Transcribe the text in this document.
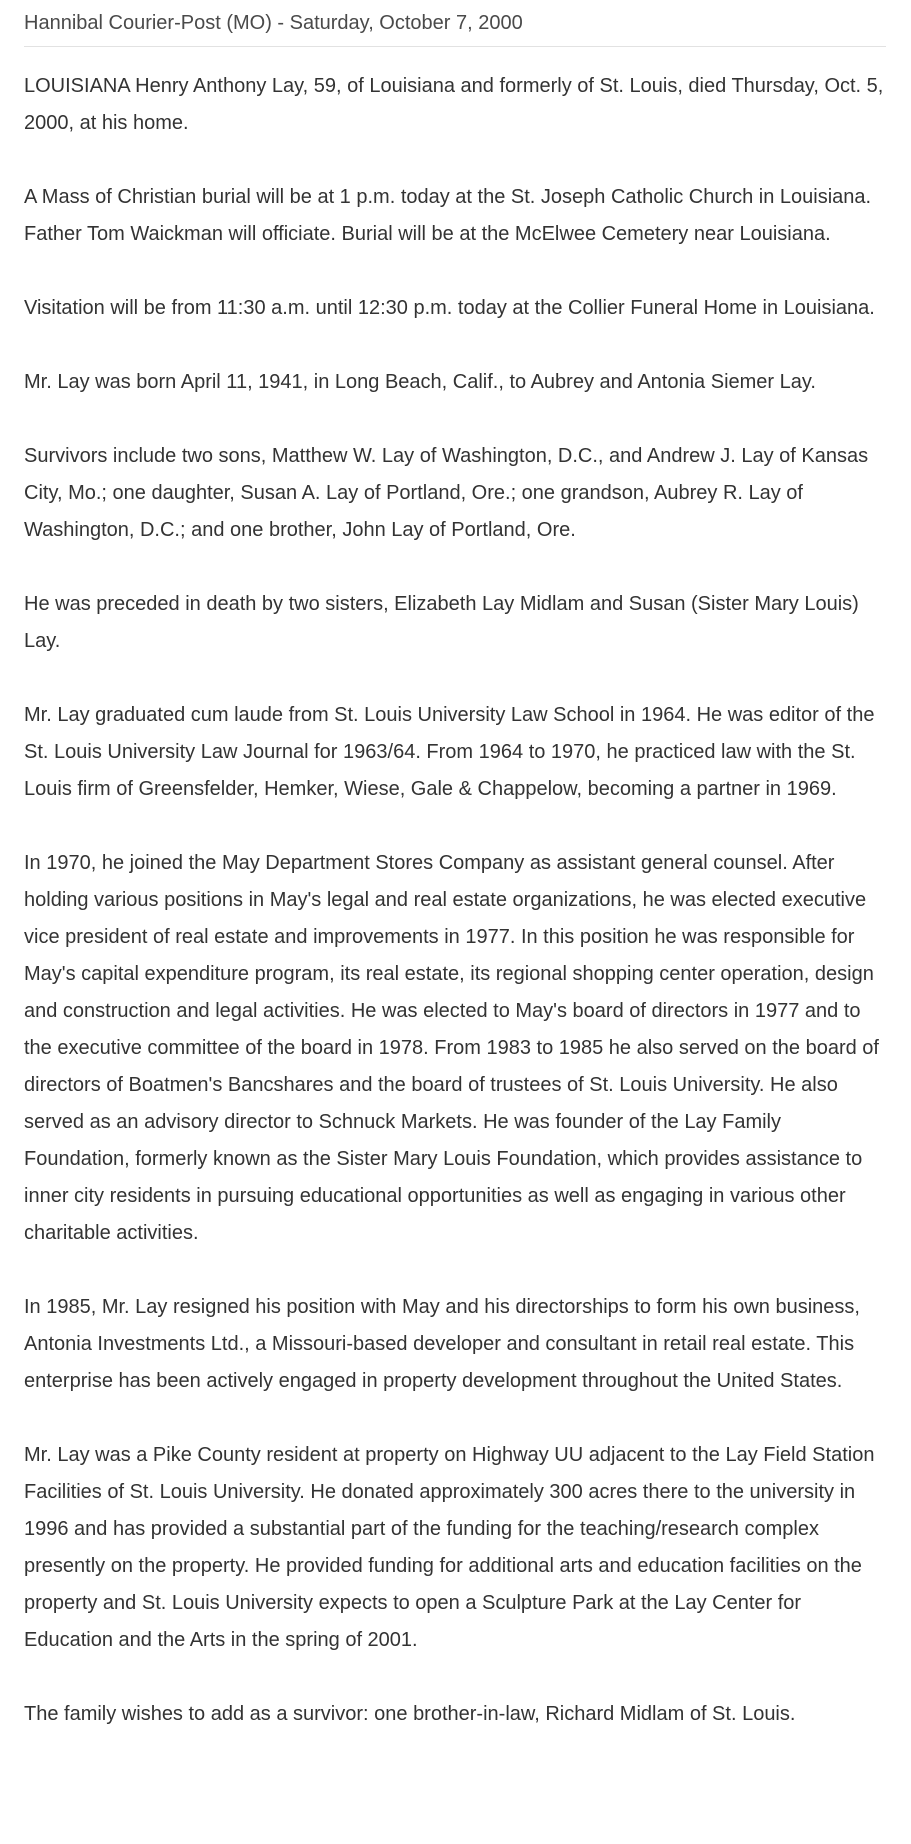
Hannibal Courier-Post (MO) - Saturday, October 7, 2000

LOUISIANA Henry Anthony Lay, 59, of Louisiana and formerly of St. Louis, died Thursday, Oct. 5, 2000, at his home.

A Mass of Christian burial will be at 1 p.m. today at the St. Joseph Catholic Church in Louisiana. Father Tom Waickman will officiate. Burial will be at the McElwee Cemetery near Louisiana.

Visitation will be from 11:30 a.m. until 12:30 p.m. today at the Collier Funeral Home in Louisiana.

Mr. Lay was born April 11, 1941, in Long Beach, Calif., to Aubrey and Antonia Siemer Lay.

Survivors include two sons, Matthew W. Lay of Washington, D.C., and Andrew J. Lay of Kansas City, Mo.; one daughter, Susan A. Lay of Portland, Ore.; one grandson, Aubrey R. Lay of Washington, D.C.; and one brother, John Lay of Portland, Ore.

He was preceded in death by two sisters, Elizabeth Lay Midlam and Susan (Sister Mary Louis) Lay.

Mr. Lay graduated cum laude from St. Louis University Law School in 1964. He was editor of the St. Louis University Law Journal for 1963/64. From 1964 to 1970, he practiced law with the St. Louis firm of Greensfelder, Hemker, Wiese, Gale & Chappelow, becoming a partner in 1969.

In 1970, he joined the May Department Stores Company as assistant general counsel. After holding various positions in May's legal and real estate organizations, he was elected executive vice president of real estate and improvements in 1977. In this position he was responsible for May's capital expenditure program, its real estate, its regional shopping center operation, design and construction and legal activities. He was elected to May's board of directors in 1977 and to the executive committee of the board in 1978. From 1983 to 1985 he also served on the board of directors of Boatmen's Bancshares and the board of trustees of St. Louis University. He also served as an advisory director to Schnuck Markets. He was founder of the Lay Family Foundation, formerly known as the Sister Mary Louis Foundation, which provides assistance to inner city residents in pursuing educational opportunities as well as engaging in various other charitable activities.

In 1985, Mr. Lay resigned his position with May and his directorships to form his own business, Antonia Investments Ltd., a Missouri-based developer and consultant in retail real estate. This enterprise has been actively engaged in property development throughout the United States.

Mr. Lay was a Pike County resident at property on Highway UU adjacent to the Lay Field Station Facilities of St. Louis University. He donated approximately 300 acres there to the university in 1996 and has provided a substantial part of the funding for the teaching/research complex presently on the property. He provided funding for additional arts and education facilities on the property and St. Louis University expects to open a Sculpture Park at the Lay Center for Education and the Arts in the spring of 2001.

The family wishes to add as a survivor: one brother-in-law, Richard Midlam of St. Louis.
